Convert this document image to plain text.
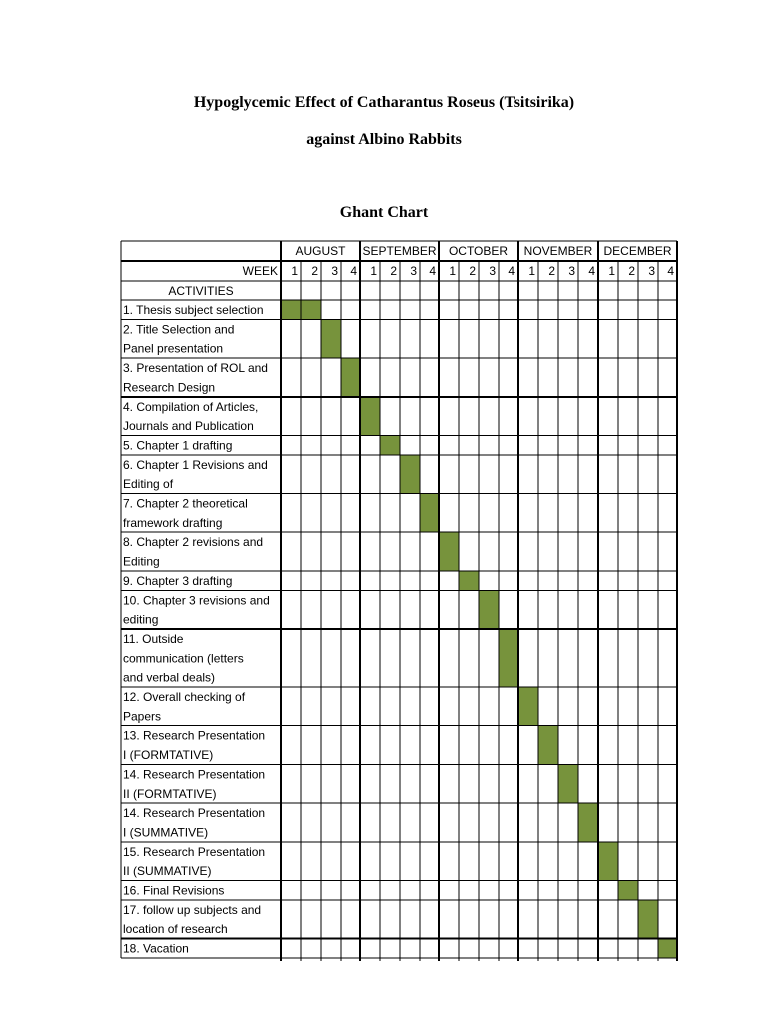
Hypoglycemic Effect of Catharantus Roseus (Tsitsirika)
against Albino Rabbits
Ghant Chart
AUGUST SEPTEMBER OCTOBER NOVEMBER DECEMBER
WEEK 1 2 3 4 1 2 3 4 1 2 3 4 1 2 3 4 1 2 3 4
ACTIVITIES
1. Thesis subject selection
2. Title Selection and
Panel presentation
3. Presentation of ROL and
Research Design
4. Compilation of Articles,
Journals and Publication
5. Chapter 1 drafting
6. Chapter 1 Revisions and
Editing of
7. Chapter 2 theoretical
framework drafting
8. Chapter 2 revisions and
Editing
9. Chapter 3 drafting
10. Chapter 3 revisions and
editing
11. Outside
communication (letters
and verbal deals)
12. Overall checking of
Papers
13. Research Presentation
I (FORMTATIVE)
14. Research Presentation
II (FORMTATIVE)
14. Research Presentation
I (SUMMATIVE)
15. Research Presentation
II (SUMMATIVE)
16. Final Revisions
17. follow up subjects and
location of research
18. Vacation
